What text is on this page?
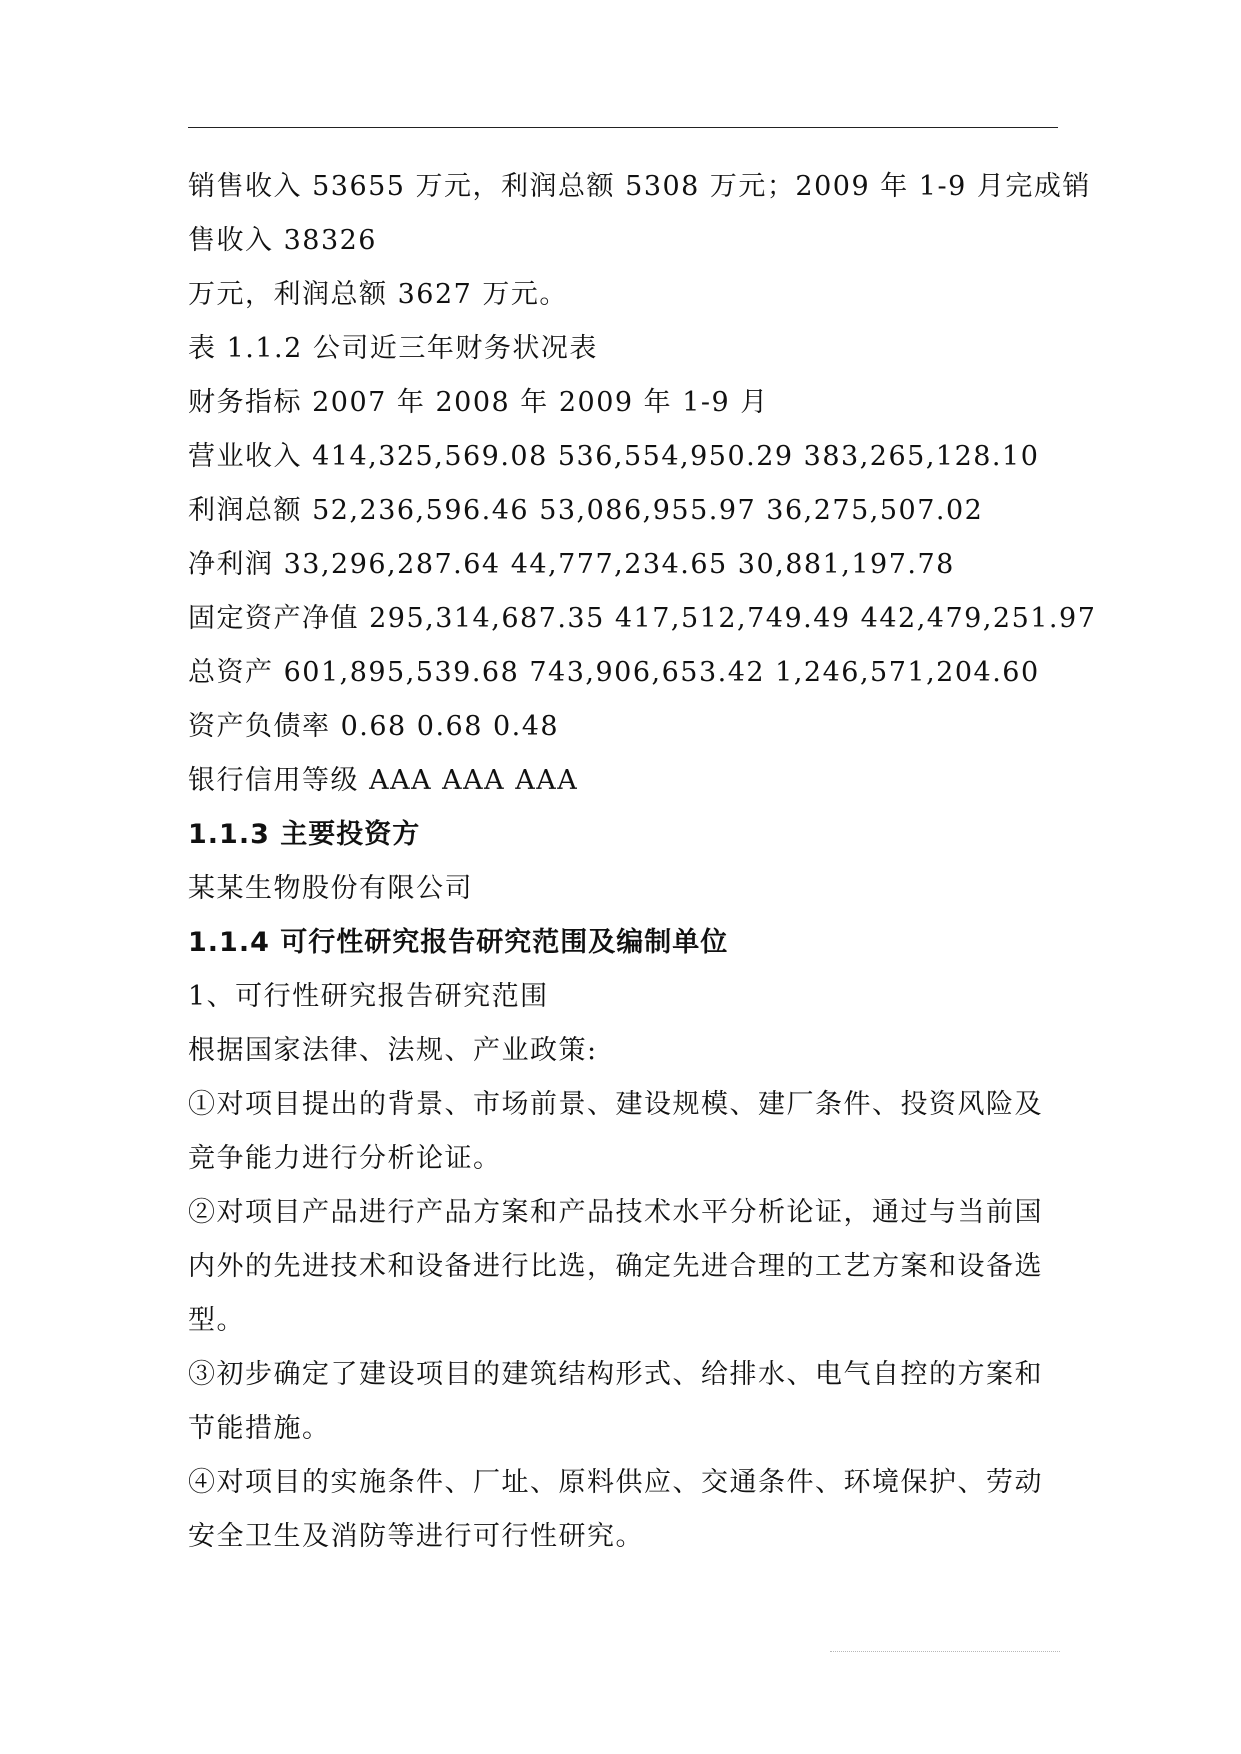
销售收入 53655 万元，利润总额 5308 万元；2009 年 1-9 月完成销
售收入 38326
万元，利润总额 3627 万元。
表 1.1.2 公司近三年财务状况表
财务指标 2007 年 2008 年 2009 年 1-9 月
营业收入 414,325,569.08 536,554,950.29 383,265,128.10
利润总额 52,236,596.46 53,086,955.97 36,275,507.02
净利润 33,296,287.64 44,777,234.65 30,881,197.78
固定资产净值 295,314,687.35 417,512,749.49 442,479,251.97
总资产 601,895,539.68 743,906,653.42 1,246,571,204.60
资产负债率 0.68 0.68 0.48
银行信用等级 AAA AAA AAA
1.1.3 主要投资方
某某生物股份有限公司
1.1.4 可行性研究报告研究范围及编制单位
1、可行性研究报告研究范围
根据国家法律、法规、产业政策:
①对项目提出的背景、市场前景、建设规模、建厂条件、投资风险及
竞争能力进行分析论证。
②对项目产品进行产品方案和产品技术水平分析论证，通过与当前国
内外的先进技术和设备进行比选，确定先进合理的工艺方案和设备选
型。
③初步确定了建设项目的建筑结构形式、给排水、电气自控的方案和
节能措施。
④对项目的实施条件、厂址、原料供应、交通条件、环境保护、劳动
安全卫生及消防等进行可行性研究。
